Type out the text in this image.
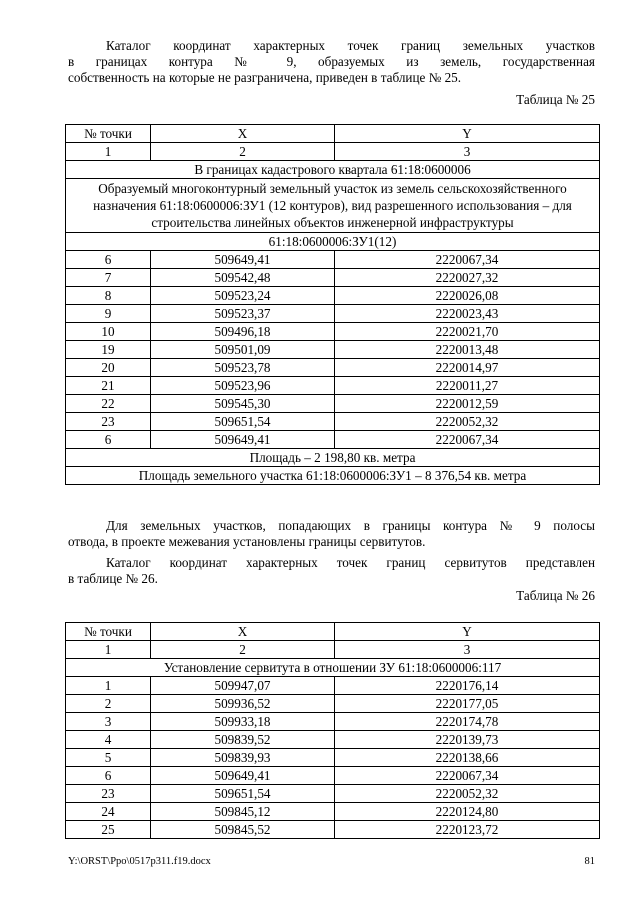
Каталог координат характерных точек границ земельных участков
в границах контура № 9, образуемых из земель, государственная
собственность на которые не разграничена, приведен в таблице № 25.

Таблица № 25

№ точки	X	Y
1	2	3
В границах кадастрового квартала 61:18:0600006		
Образуемый многоконтурный земельный участок из земель сельскохозяйственного назначения 61:18:0600006:ЗУ1 (12 контуров), вид разрешенного использования – для строительства линейных объектов инженерной инфраструктуры		
61:18:0600006:ЗУ1(12)		
6	509649,41	2220067,34
7	509542,48	2220027,32
8	509523,24	2220026,08
9	509523,37	2220023,43
10	509496,18	2220021,70
19	509501,09	2220013,48
20	509523,78	2220014,97
21	509523,96	2220011,27
22	509545,30	2220012,59
23	509651,54	2220052,32
6	509649,41	2220067,34
Площадь – 2 198,80 кв. метра		
Площадь земельного участка 61:18:0600006:ЗУ1 – 8 376,54 кв. метра		

Для земельных участков, попадающих в границы контура № 9 полосы
отвода, в проекте межевания установлены границы сервитутов.

Каталог координат характерных точек границ сервитутов представлен
в таблице № 26.

Таблица № 26

№ точки	X	Y
1	2	3
Установление сервитута в отношении ЗУ 61:18:0600006:117		
1	509947,07	2220176,14
2	509936,52	2220177,05
3	509933,18	2220174,78
4	509839,52	2220139,73
5	509839,93	2220138,66
6	509649,41	2220067,34
23	509651,54	2220052,32
24	509845,12	2220124,80
25	509845,52	2220123,72
Y:\ORST\Ppo\0517p311.f19.docx	81
